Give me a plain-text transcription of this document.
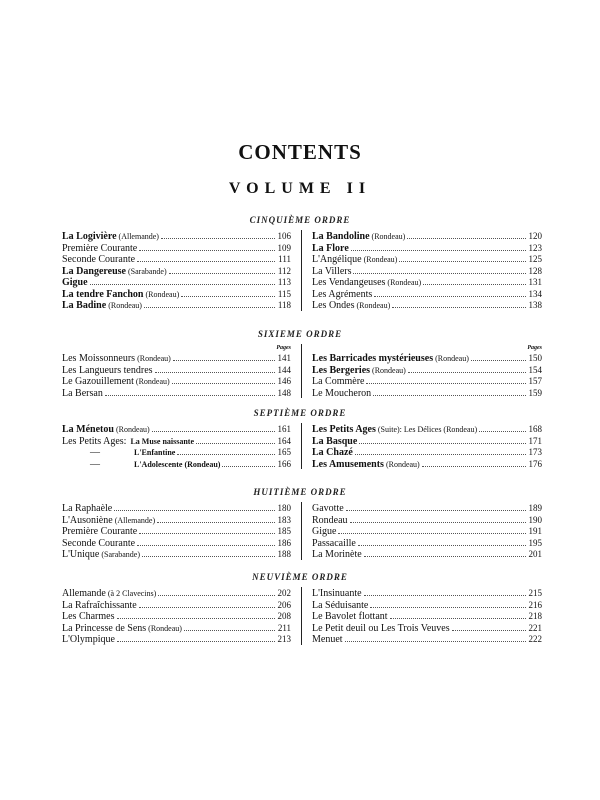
CONTENTS
VOLUME II
CINQUIÈME ORDRE
La Logivière (Allemande)	106
Première Courante	109
Seconde Courante	111
La Dangereuse (Sarabande)	112
Gigue	113
La tendre Fanchon (Rondeau)	115
La Badine (Rondeau)	118
La Bandoline (Rondeau)	120
La Flore	123
L'Angélique (Rondeau)	125
La Villers	128
Les Vendangeuses (Rondeau)	131
Les Agréments	134
Les Ondes (Rondeau)	138
SIXIEME ORDRE
Pages
Les Moissonneurs (Rondeau)	141
Les Langueurs tendres	144
Le Gazouillement (Rondeau)	146
La Bersan	148
Pages
Les Barricades mystérieuses (Rondeau)	150
Les Bergeries (Rondeau)	154
La Commère	157
Le Moucheron	159
SEPTIÈME ORDRE
La Ménetou (Rondeau)	161
Les Petits Ages: La Muse naissante	164
—	L'Enfantine	165
—	L'Adolescente (Rondeau)	166
Les Petits Ages (Suite): Les Délices (Rondeau)	168
La Basque	171
La Chazé	173
Les Amusements (Rondeau)	176
HUITIÈME ORDRE
La Raphaèle	180
L'Ausoniène (Allemande)	183
Première Courante	185
Seconde Courante	186
L'Unique (Sarabande)	188
Gavotte	189
Rondeau	190
Gigue	191
Passacaille	195
La Morinète	201
NEUVIÈME ORDRE
Allemande (à 2 Clavecins)	202
La Rafraîchissante	206
Les Charmes	208
La Princesse de Sens (Rondeau)	211
L'Olympique	213
L'Insinuante	215
La Séduisante	216
Le Bavolet flottant	218
Le Petit deuil ou Les Trois Veuves	221
Menuet	222
